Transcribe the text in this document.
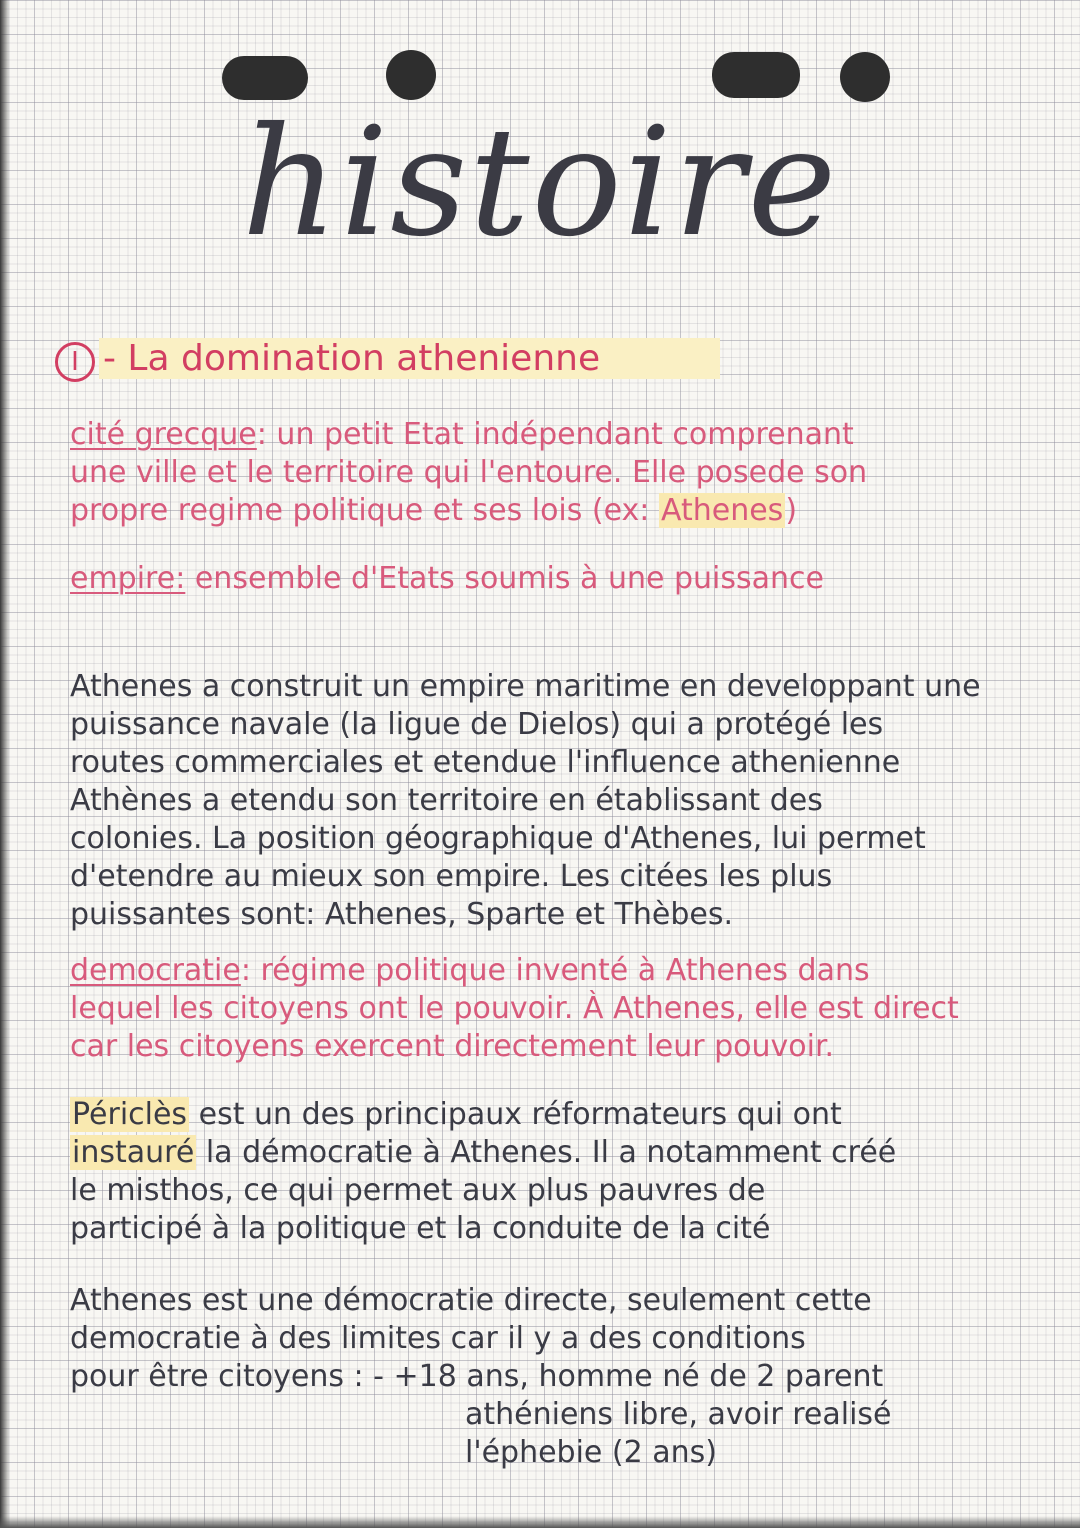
histoire
I - La domination athenienne
cité grecque: un petit Etat indépendant comprenant
une ville et le territoire qui l'entoure. Elle posede son
propre regime politique et ses lois (ex: Athenes)
empire: ensemble d'Etats soumis à une puissance
Athenes a construit un empire maritime en developpant une
puissance navale (la ligue de Dielos) qui a protégé les
routes commerciales et etendue l'influence athenienne
Athènes a etendu son territoire en établissant des
colonies. La position géographique d'Athenes, lui permet
d'etendre au mieux son empire. Les citées les plus
puissantes sont: Athenes, Sparte et Thèbes.
democratie: régime politique inventé à Athenes dans
lequel les citoyens ont le pouvoir. À Athenes, elle est direct
car les citoyens exercent directement leur pouvoir.
Périclès est un des principaux réformateurs qui ont
instauré la démocratie à Athenes. Il a notamment créé
le misthos, ce qui permet aux plus pauvres de
participé à la politique et la conduite de la cité
Athenes est une démocratie directe, seulement cette
democratie à des limites car il y a des conditions
pour être citoyens : - +18 ans, homme né de 2 parent
athéniens libre, avoir realisé
l'éphebie (2 ans)
